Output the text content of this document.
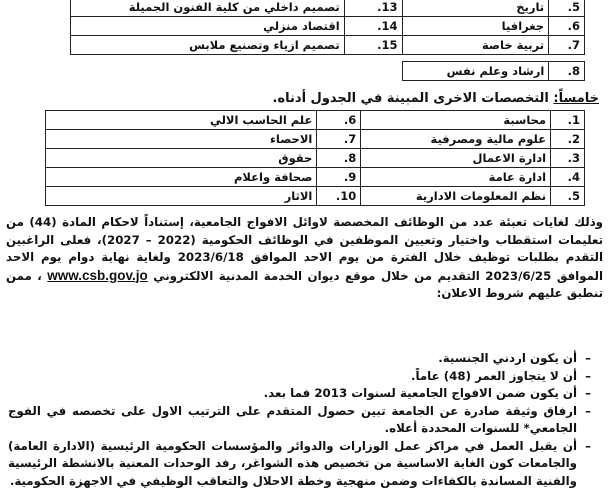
5.	تاريخ	13.	تصميم داخلي من كلية الفنون الجميلة
6.	جغرافيا	14.	اقتصاد منزلي
7.	تربية خاصة	15.	تصميم ازياء وتصنيع ملابس
8.	ارشاد وعلم نفس
خامساً: التخصصات الاخرى المبينة في الجدول أدناه.
1.	محاسبة	6.	علم الحاسب الالي
2.	علوم مالية ومصرفية	7.	الاحصاء
3.	ادارة الاعمال	8.	حقوق
4.	ادارة عامة	9.	صحافة واعلام
5.	نظم المعلومات الادارية	10.	الاثار
وذلك لغايات تعبئة عدد من الوظائف المخصصة لاوائل الافواج الجامعية، إستناداً لاحكام المادة (44) من تعليمات استقطاب واختيار وتعيين الموظفين في الوظائف الحكومية (2022 – 2027)، فعلى الراغبين التقدم بطلبات توظيف خلال الفترة من يوم الاحد الموافق 2023/6/18 ولغاية نهاية دوام يوم الاحد الموافق 2023/6/25 التقديم من خلال موقع ديوان الخدمة المدنية الالكتروني www.csb.gov.jo ، ممن تنطبق عليهم شروط الاعلان:
– أن يكون اردني الجنسية.
– أن لا يتجاوز العمر (48) عاماً.
– أن يكون ضمن الافواج الجامعية لسنوات 2013 فما بعد.
– ارفاق وثيقة صادرة عن الجامعة تبين حصول المتقدم على الترتيب الاول على تخصصه في الفوج الجامعي* للسنوات المحددة أعلاه.
– أن يقبل العمل في مراكز عمل الوزارات والدوائر والمؤسسات الحكومية الرئيسية (الادارة العامة) والجامعات كون الغاية الاساسية من تخصيص هذه الشواغر، رفد الوحدات المعنية بالانشطة الرئيسية والفنية المساندة بالكفاءات وضمن منهجية وخطة الاحلال والتعاقب الوظيفي في الاجهزة الحكومية.
